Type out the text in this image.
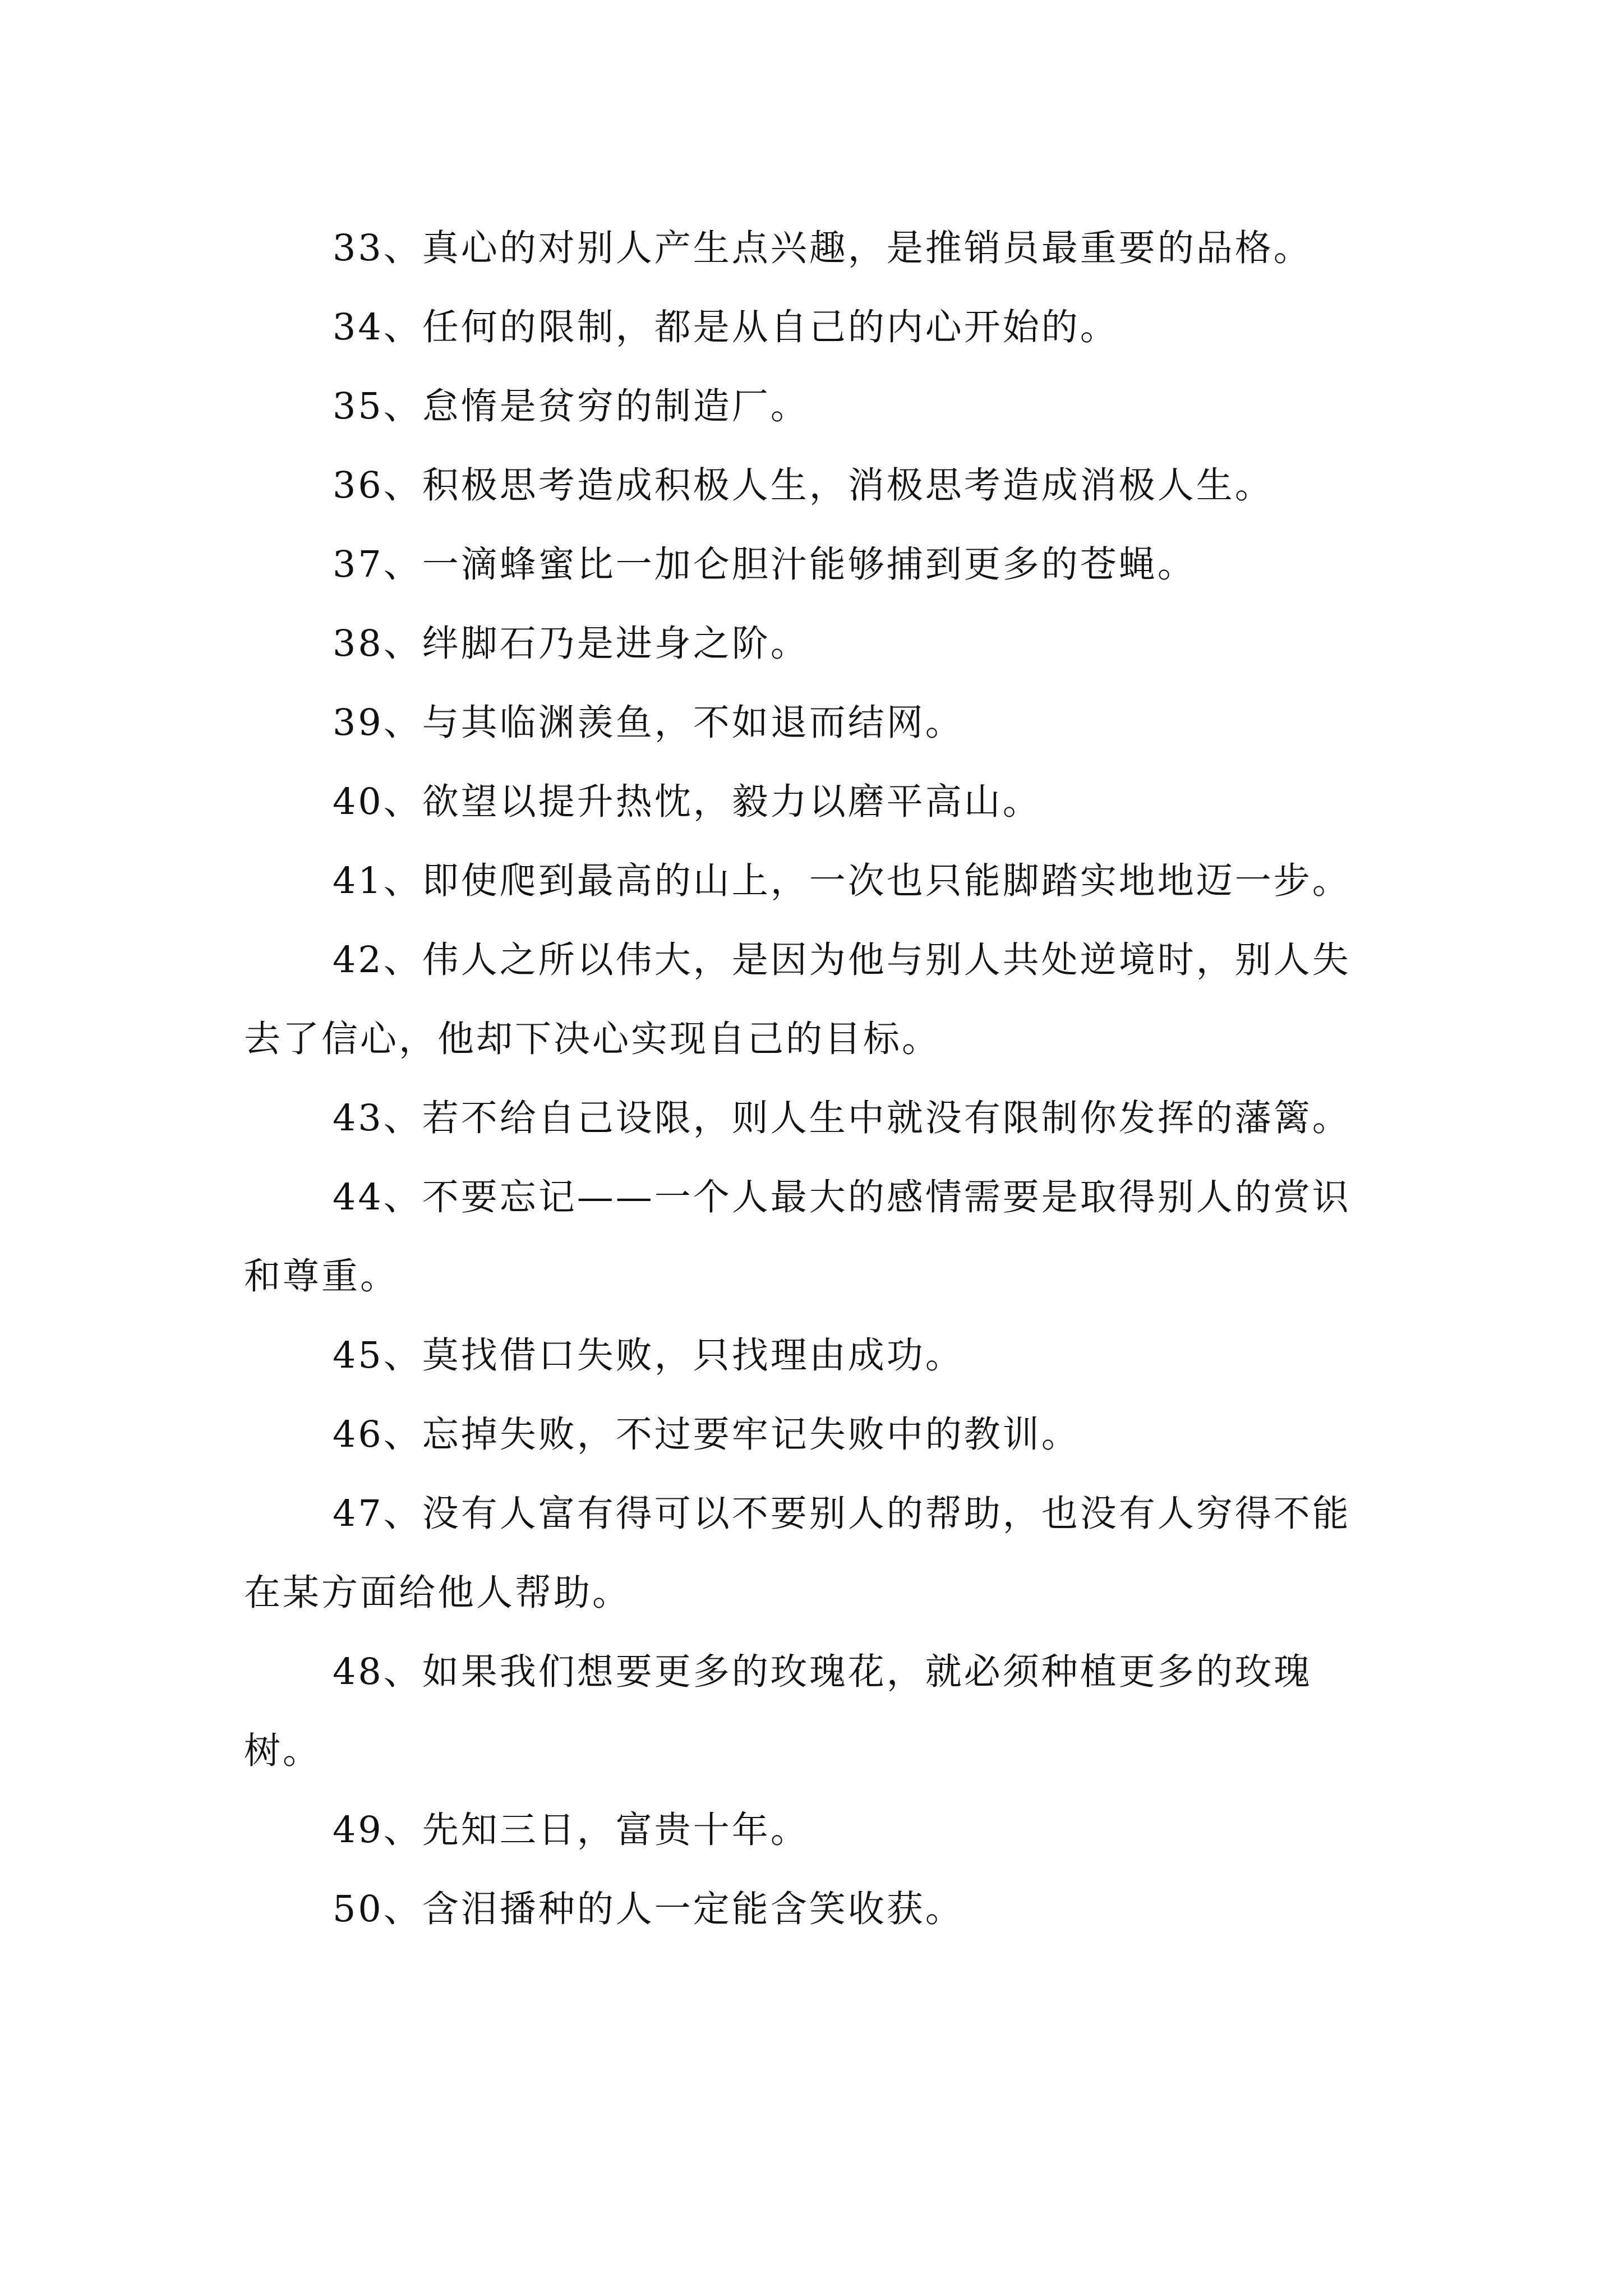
33、真心的对别人产生点兴趣，是推销员最重要的品格。

34、任何的限制，都是从自己的内心开始的。

35、怠惰是贫穷的制造厂。

36、积极思考造成积极人生，消极思考造成消极人生。

37、一滴蜂蜜比一加仑胆汁能够捕到更多的苍蝇。

38、绊脚石乃是进身之阶。

39、与其临渊羡鱼，不如退而结网。

40、欲望以提升热忱，毅力以磨平高山。

41、即使爬到最高的山上，一次也只能脚踏实地地迈一步。

42、伟人之所以伟大，是因为他与别人共处逆境时，别人失去了信心，他却下决心实现自己的目标。

43、若不给自己设限，则人生中就没有限制你发挥的藩篱。

44、不要忘记——一个人最大的感情需要是取得别人的赏识和尊重。

45、莫找借口失败，只找理由成功。

46、忘掉失败，不过要牢记失败中的教训。

47、没有人富有得可以不要别人的帮助，也没有人穷得不能在某方面给他人帮助。

48、如果我们想要更多的玫瑰花，就必须种植更多的玫瑰树。

49、先知三日，富贵十年。

50、含泪播种的人一定能含笑收获。
